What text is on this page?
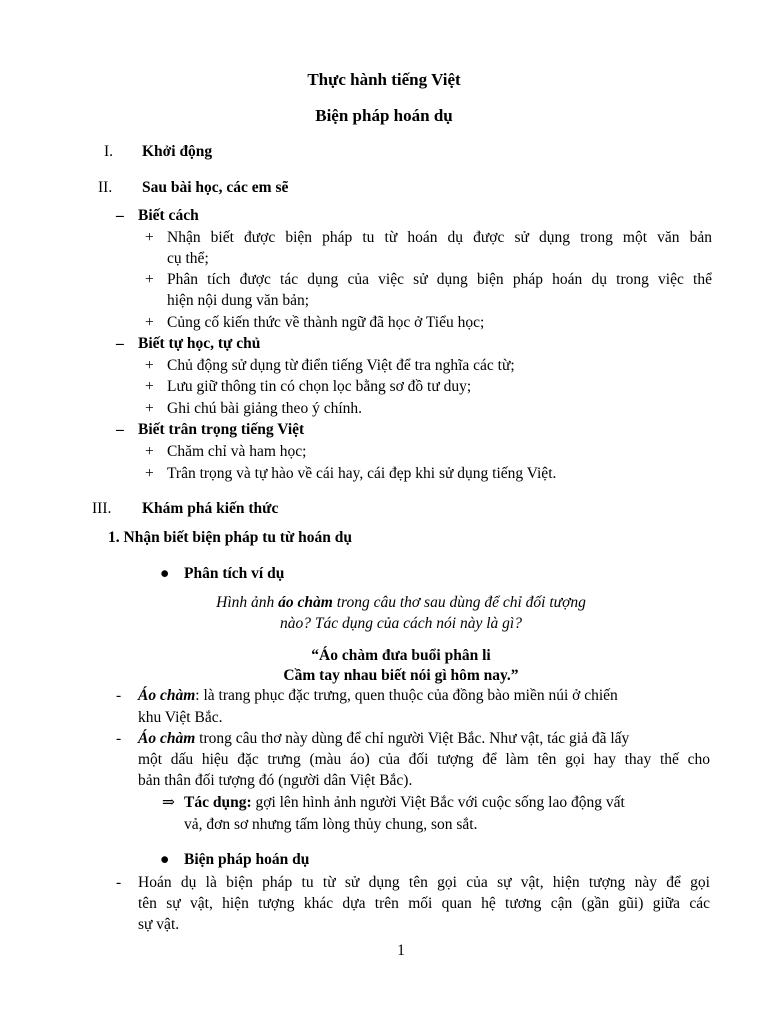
Thực hành tiếng Việt
Biện pháp hoán dụ
I. Khởi động
II. Sau bài học, các em sẽ
– Biết cách
+ Nhận biết được biện pháp tu từ hoán dụ được sử dụng trong một văn bản
cụ thể;
+ Phân tích được tác dụng của việc sử dụng biện pháp hoán dụ trong việc thể
hiện nội dung văn bản;
+ Củng cố kiến thức về thành ngữ đã học ở Tiểu học;
– Biết tự học, tự chủ
+ Chủ động sử dụng từ điển tiếng Việt để tra nghĩa các từ;
+ Lưu giữ thông tin có chọn lọc bằng sơ đồ tư duy;
+ Ghi chú bài giảng theo ý chính.
– Biết trân trọng tiếng Việt
+ Chăm chỉ và ham học;
+ Trân trọng và tự hào về cái hay, cái đẹp khi sử dụng tiếng Việt.
III. Khám phá kiến thức
1. Nhận biết biện pháp tu từ hoán dụ
● Phân tích ví dụ
Hình ảnh áo chàm trong câu thơ sau dùng để chỉ đối tượng
nào? Tác dụng của cách nói này là gì?
“Áo chàm đưa buổi phân li
Cầm tay nhau biết nói gì hôm nay.”
- Áo chàm: là trang phục đặc trưng, quen thuộc của đồng bào miền núi ở chiến
khu Việt Bắc.
- Áo chàm trong câu thơ này dùng để chỉ người Việt Bắc. Như vật, tác giả đã lấy
một dấu hiệu đặc trưng (màu áo) của đối tượng để làm tên gọi hay thay thế cho
bản thân đối tượng đó (người dân Việt Bắc).
⇒ Tác dụng: gợi lên hình ảnh người Việt Bắc với cuộc sống lao động vất
vả, đơn sơ nhưng tấm lòng thủy chung, son sắt.
● Biện pháp hoán dụ
- Hoán dụ là biện pháp tu từ sử dụng tên gọi của sự vật, hiện tượng này để gọi
tên sự vật, hiện tượng khác dựa trên mối quan hệ tương cận (gần gũi) giữa các
sự vật.
1
